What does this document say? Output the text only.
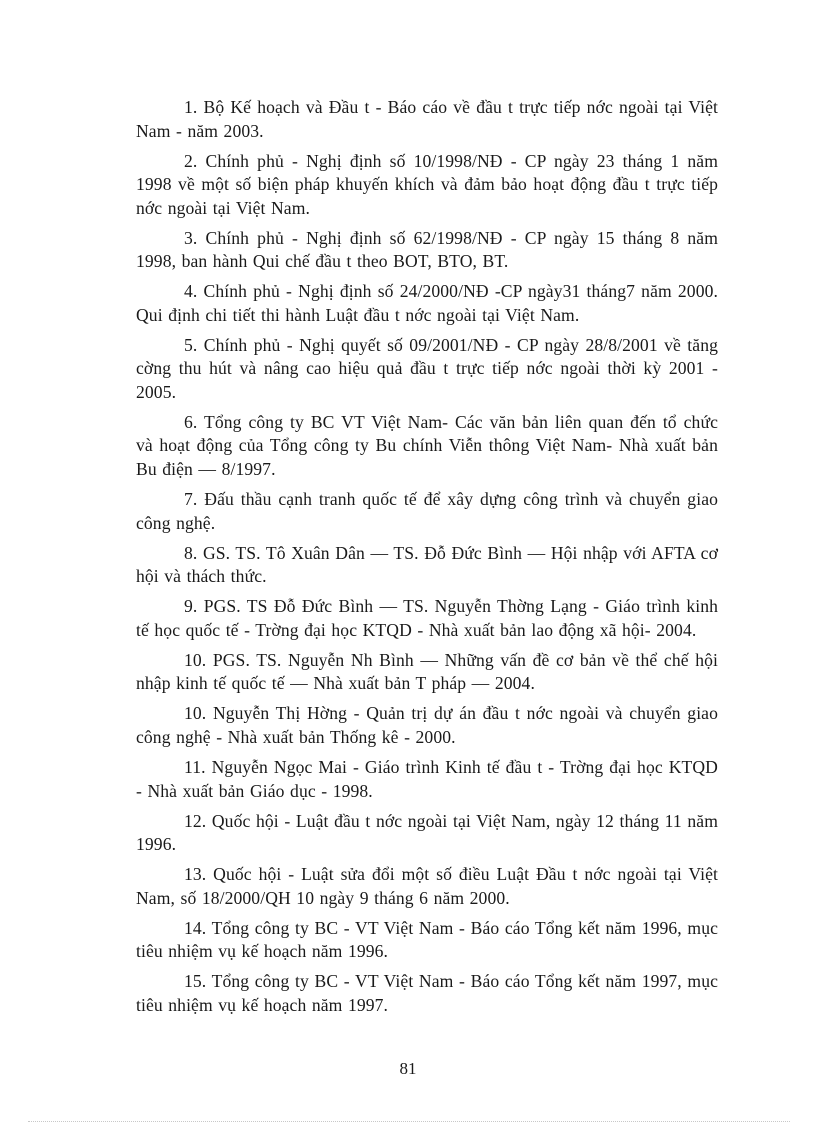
1. Bộ Kế hoạch và Đầu t - Báo cáo về đầu t trực tiếp nớc ngoài tại Việt Nam - năm 2003.
2. Chính phủ - Nghị định số 10/1998/NĐ - CP ngày 23 tháng 1 năm 1998 về một số biện pháp khuyến khích và đảm bảo hoạt động đầu t trực tiếp nớc ngoài tại Việt Nam.
3. Chính phủ - Nghị định số 62/1998/NĐ - CP ngày 15 tháng 8 năm 1998, ban hành Qui chế đầu t theo BOT, BTO, BT.
4. Chính phủ - Nghị định số 24/2000/NĐ -CP ngày31 tháng7 năm 2000. Qui định chi tiết thi hành Luật đầu t nớc ngoài tại Việt Nam.
5. Chính phủ - Nghị quyết số 09/2001/NĐ - CP ngày 28/8/2001 về tăng cờng thu hút và nâng cao hiệu quả đầu t trực tiếp nớc ngoài thời kỳ 2001 - 2005.
6. Tổng công ty BC VT Việt Nam- Các văn bản liên quan đến tổ chức và hoạt động của Tổng công ty Bu chính Viễn thông Việt Nam- Nhà xuất bản Bu điện — 8/1997.
7. Đấu thầu cạnh tranh quốc tế để xây dựng công trình và chuyển giao công nghệ.
8. GS. TS. Tô Xuân Dân — TS. Đỗ Đức Bình — Hội nhập với AFTA cơ hội và thách thức.
9. PGS. TS Đỗ Đức Bình — TS. Nguyễn Thờng Lạng - Giáo trình kinh tế học quốc tế - Trờng đại học KTQD - Nhà xuất bản lao động xã hội- 2004.
10. PGS. TS. Nguyễn Nh Bình — Những vấn đề cơ bản về thể chế hội nhập kinh tế quốc tế — Nhà xuất bản T pháp — 2004.
10. Nguyễn Thị Hờng - Quản trị dự án đầu t nớc ngoài và chuyển giao công nghệ - Nhà xuất bản Thống kê - 2000.
11. Nguyễn Ngọc Mai - Giáo trình Kinh tế đầu t - Trờng đại học KTQD - Nhà xuất bản Giáo dục - 1998.
12. Quốc hội - Luật đầu t nớc ngoài tại Việt Nam, ngày 12 tháng 11 năm 1996.
13. Quốc hội - Luật sửa đổi một số điều Luật Đầu t nớc ngoài tại Việt Nam, số 18/2000/QH 10 ngày 9 tháng 6 năm 2000.
14. Tổng công ty BC - VT Việt Nam - Báo cáo Tổng kết năm 1996, mục tiêu nhiệm vụ kế hoạch năm 1996.
15. Tổng công ty BC - VT Việt Nam - Báo cáo Tổng kết năm 1997, mục tiêu nhiệm vụ kế hoạch năm 1997.
81
